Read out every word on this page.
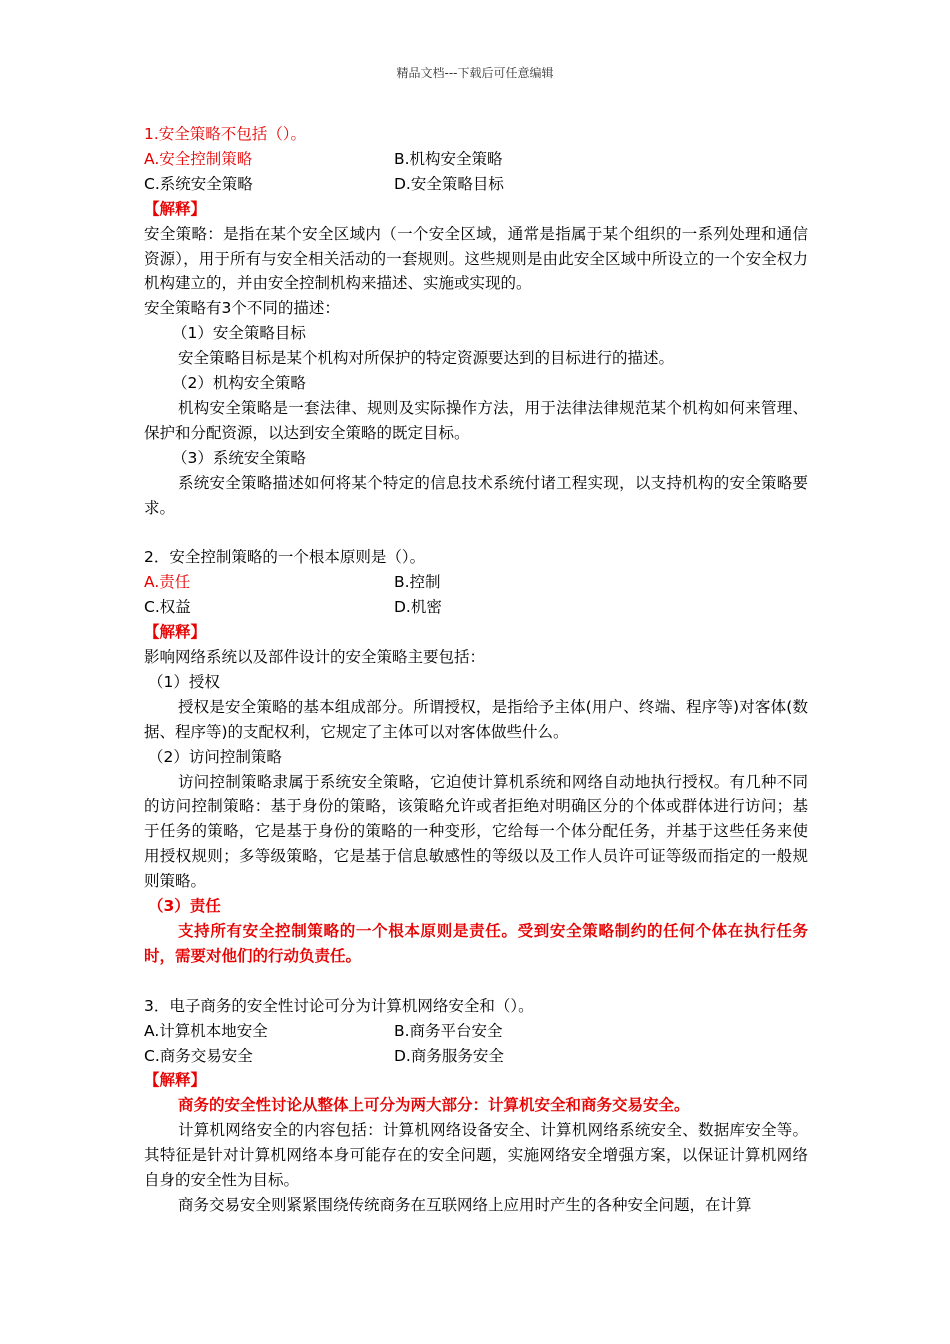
精品文档---下载后可任意编辑
1.安全策略不包括（）。
A.安全控制策略	B.机构安全策略
C.系统安全策略	D.安全策略目标
【解释】
安全策略：是指在某个安全区域内（一个安全区域，通常是指属于某个组织的一系列处理和通信资源），用于所有与安全相关活动的一套规则。这些规则是由此安全区域中所设立的一个安全权力机构建立的，并由安全控制机构来描述、实施或实现的。
安全策略有3个不同的描述：
（1）安全策略目标
安全策略目标是某个机构对所保护的特定资源要达到的目标进行的描述。
（2）机构安全策略
机构安全策略是一套法律、规则及实际操作方法，用于法律法律规范某个机构如何来管理、保护和分配资源，以达到安全策略的既定目标。
（3）系统安全策略
系统安全策略描述如何将某个特定的信息技术系统付诸工程实现，以支持机构的安全策略要求。
2．安全控制策略的一个根本原则是（）。
A.责任	B.控制
C.权益	D.机密
【解释】
影响网络系统以及部件设计的安全策略主要包括：
（1）授权
授权是安全策略的基本组成部分。所谓授权，是指给予主体(用户、终端、程序等)对客体(数据、程序等)的支配权利，它规定了主体可以对客体做些什么。
（2）访问控制策略
访问控制策略隶属于系统安全策略，它迫使计算机系统和网络自动地执行授权。有几种不同的访问控制策略：基于身份的策略，该策略允许或者拒绝对明确区分的个体或群体进行访问；基于任务的策略，它是基于身份的策略的一种变形，它给每一个体分配任务，并基于这些任务来使用授权规则；多等级策略，它是基于信息敏感性的等级以及工作人员许可证等级而指定的一般规则策略。
（3）责任
支持所有安全控制策略的一个根本原则是责任。受到安全策略制约的任何个体在执行任务时，需要对他们的行动负责任。
3．电子商务的安全性讨论可分为计算机网络安全和（）。
A.计算机本地安全	B.商务平台安全
C.商务交易安全	D.商务服务安全
【解释】
商务的安全性讨论从整体上可分为两大部分：计算机安全和商务交易安全。
计算机网络安全的内容包括：计算机网络设备安全、计算机网络系统安全、数据库安全等。其特征是针对计算机网络本身可能存在的安全问题，实施网络安全增强方案，以保证计算机网络自身的安全性为目标。
商务交易安全则紧紧围绕传统商务在互联网络上应用时产生的各种安全问题，在计算
